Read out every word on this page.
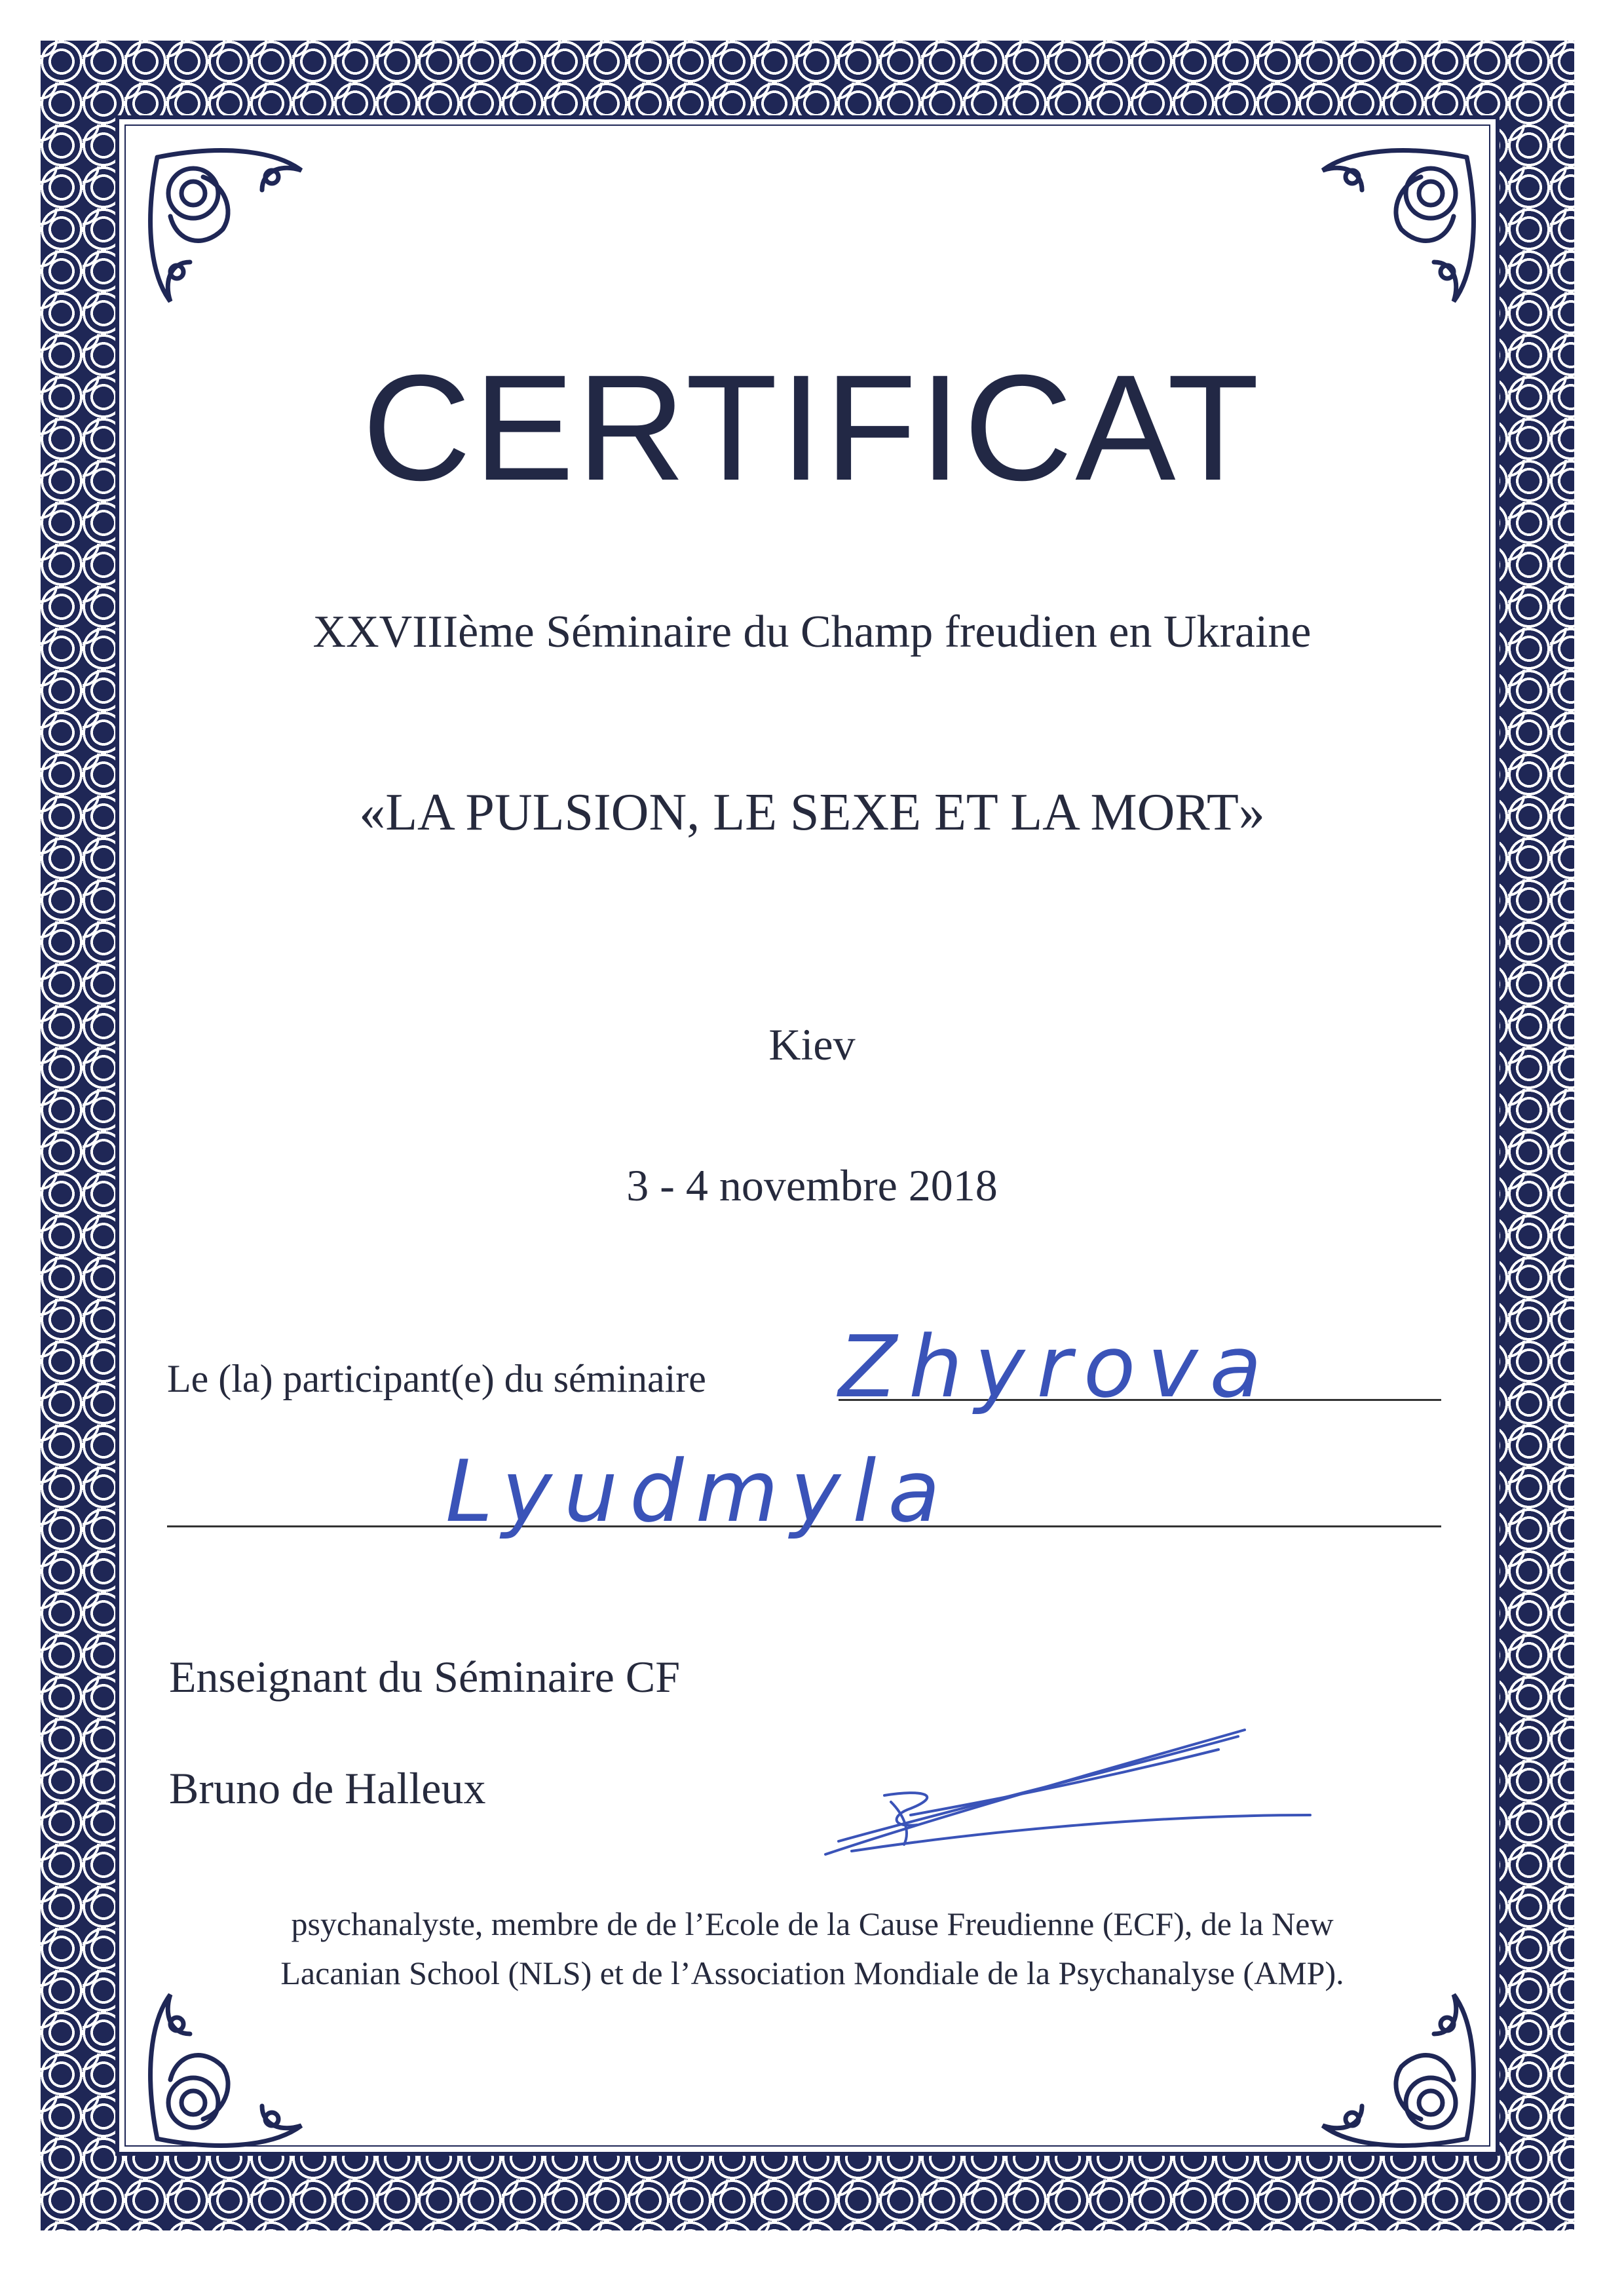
CERTIFICAT
XXVIIIème Séminaire du Champ freudien en Ukraine
«LA PULSION, LE SEXE ET LA MORT»
Kiev
3 - 4 novembre 2018
Le (la) participant(e) du séminaire Zhyrova
Lyudmyla
Enseignant du Séminaire CF
Bruno de Halleux
psychanalyste, membre de de l’Ecole de la Cause Freudienne (ECF), de la New
Lacanian School (NLS) et de l’Association Mondiale de la Psychanalyse (AMP).
